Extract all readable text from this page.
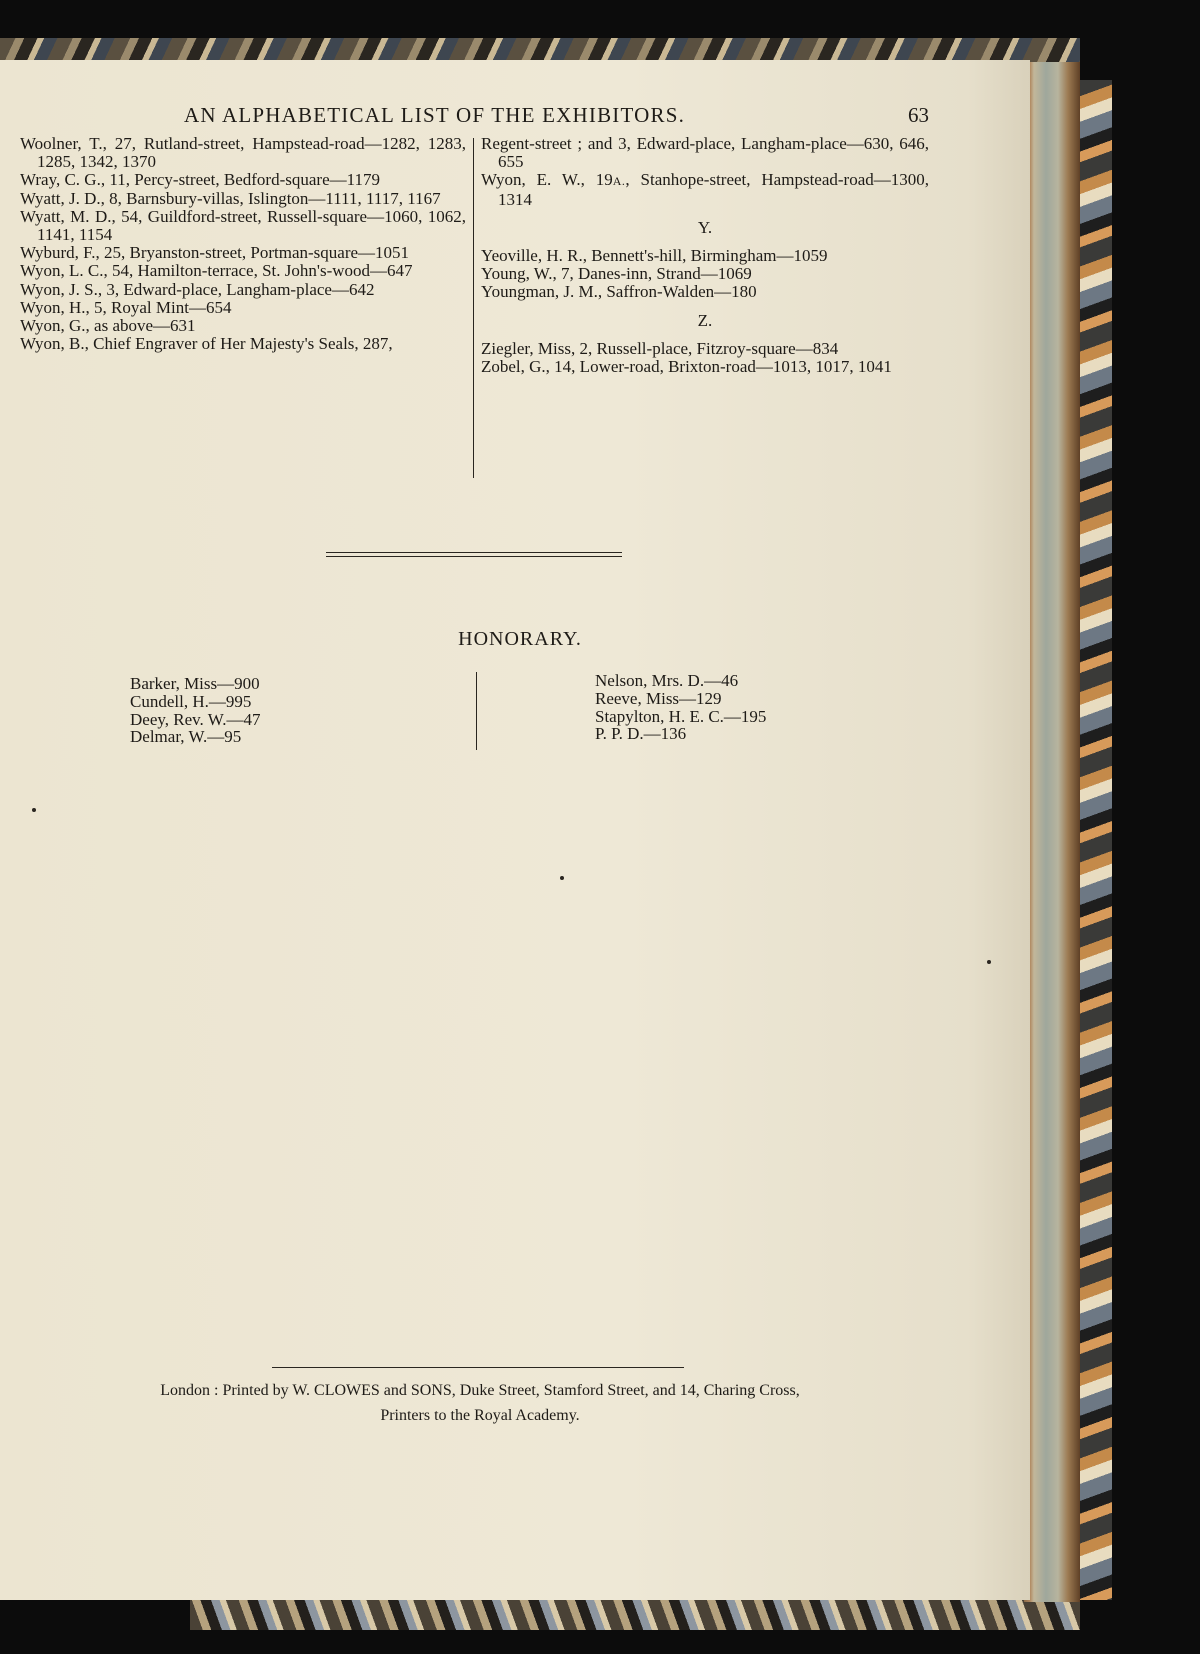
AN ALPHABETICAL LIST OF THE EXHIBITORS.	63
Woolner, T., 27, Rutland-street, Hampstead-road—1282, 1283, 1285, 1342, 1370
Wray, C. G., 11, Percy-street, Bedford-square—1179
Wyatt, J. D., 8, Barnsbury-villas, Islington—1111, 1117, 1167
Wyatt, M. D., 54, Guildford-street, Russell-square—1060, 1062, 1141, 1154
Wyburd, F., 25, Bryanston-street, Portman-square—1051
Wyon, L. C., 54, Hamilton-terrace, St. John's-wood—647
Wyon, J. S., 3, Edward-place, Langham-place—642
Wyon, H., 5, Royal Mint—654
Wyon, G., as above—631
Wyon, B., Chief Engraver of Her Majesty's Seals, 287,
Regent-street ; and 3, Edward-place, Langham-place—630, 646, 655
Wyon, E. W., 19A., Stanhope-street, Hampstead-road—1300, 1314
Y.
Yeoville, H. R., Bennett's-hill, Birmingham—1059
Young, W., 7, Danes-inn, Strand—1069
Youngman, J. M., Saffron-Walden—180
Z.
Ziegler, Miss, 2, Russell-place, Fitzroy-square—834
Zobel, G., 14, Lower-road, Brixton-road—1013, 1017, 1041
HONORARY.
Barker, Miss—900
Cundell, H.—995
Deey, Rev. W.—47
Delmar, W.—95
Nelson, Mrs. D.—46
Reeve, Miss—129
Stapylton, H. E. C.—195
P. P. D.—136
London : Printed by W. CLOWES and SONS, Duke Street, Stamford Street, and 14, Charing Cross,
Printers to the Royal Academy.
